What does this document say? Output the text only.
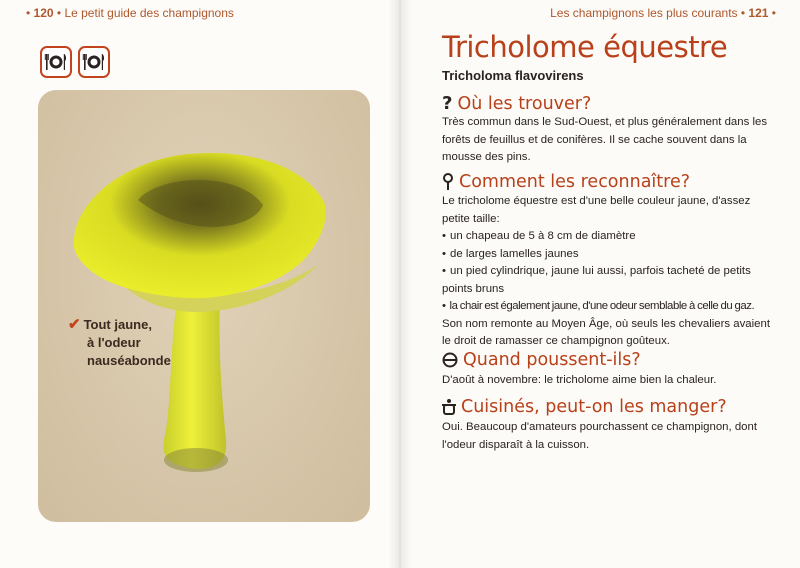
• 120 • Le petit guide des champignons
✔ Tout jaune,
à l'odeur
nauséabonde
Les champignons les plus courants • 121 •
Tricholome équestre
Tricholoma flavovirens
? Où les trouver?

Très commun dans le Sud-Ouest, et plus généralement dans les forêts de feuillus et de conifères. Il se cache souvent dans la mousse des pins.

Comment les reconnaître?

Le tricholome équestre est d'une belle couleur jaune, d'assez petite taille:

• un chapeau de 5 à 8 cm de diamètre

• de larges lamelles jaunes

• un pied cylindrique, jaune lui aussi, parfois tacheté de petits points bruns

• la chair est également jaune, d'une odeur semblable à celle du gaz.

Son nom remonte au Moyen Âge, où seuls les chevaliers avaient le droit de ramasser ce champignon goûteux.

Quand poussent-ils?

D'août à novembre: le tricholome aime bien la chaleur.

Cuisinés, peut-on les manger?

Oui. Beaucoup d'amateurs pourchassent ce champignon, dont l'odeur disparaît à la cuisson.
